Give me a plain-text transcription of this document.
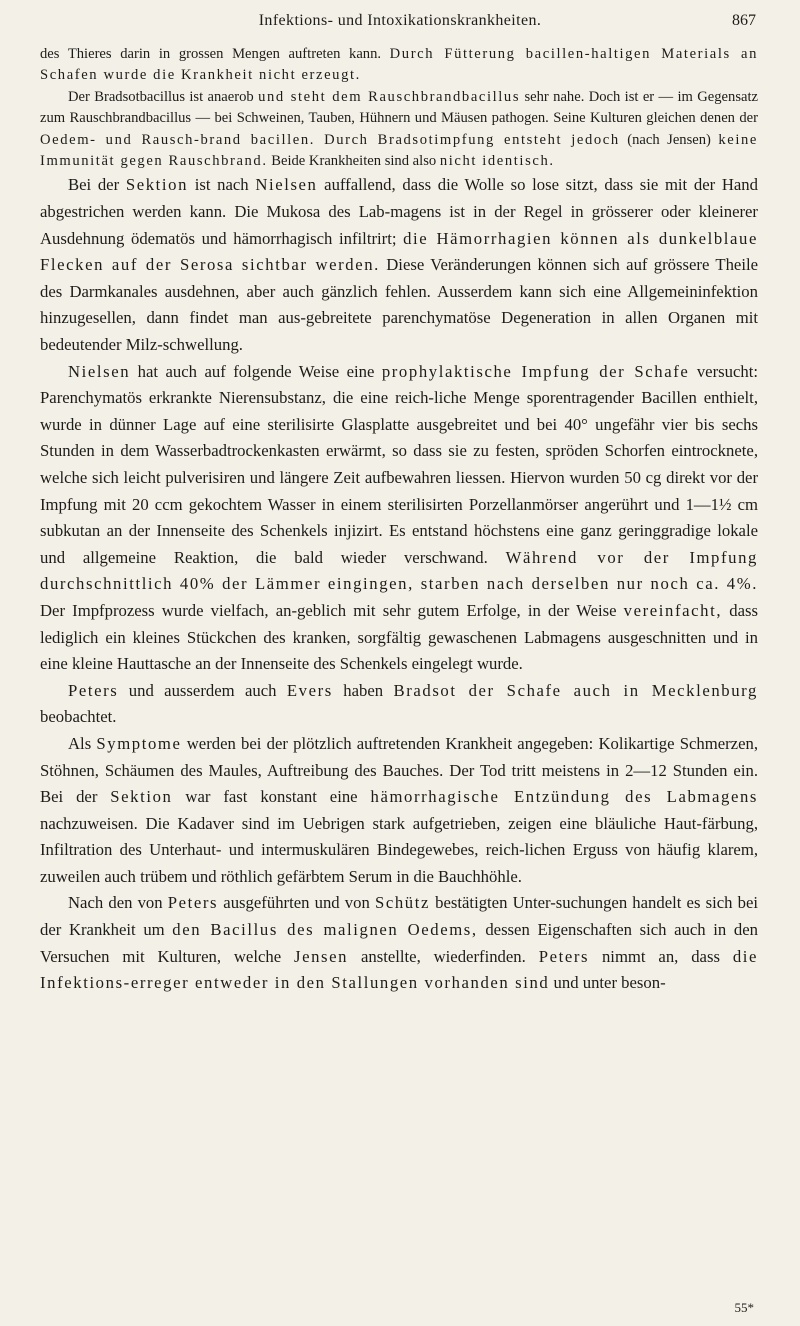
Infektions- und Intoxikationskrankheiten.	867

des Thieres darin in grossen Mengen auftreten kann. Durch Fütterung bacillen-haltigen Materials an Schafen wurde die Krankheit nicht erzeugt.

Der Bradsotbacillus ist anaerob und steht dem Rauschbrandbacillus sehr nahe. Doch ist er — im Gegensatz zum Rauschbrandbacillus — bei Schweinen, Tauben, Hühnern und Mäusen pathogen. Seine Kulturen gleichen denen der Oedem- und Rausch-brand bacillen. Durch Bradsotimpfung entsteht jedoch (nach Jensen) keine Immunität gegen Rauschbrand. Beide Krankheiten sind also nicht identisch.

Bei der Sektion ist nach Nielsen auffallend, dass die Wolle so lose sitzt, dass sie mit der Hand abgestrichen werden kann. Die Mukosa des Lab-magens ist in der Regel in grösserer oder kleinerer Ausdehnung ödematös und hämorrhagisch infiltrirt; die Hämorrhagien können als dunkelblaue Flecken auf der Serosa sichtbar werden. Diese Veränderungen können sich auf grössere Theile des Darmkanales ausdehnen, aber auch gänzlich fehlen. Ausserdem kann sich eine Allgemeininfektion hinzugesellen, dann findet man aus-gebreitete parenchymatöse Degeneration in allen Organen mit bedeutender Milz-schwellung.

Nielsen hat auch auf folgende Weise eine prophylaktische Impfung der Schafe versucht: Parenchymatös erkrankte Nierensubstanz, die eine reich-liche Menge sporentragender Bacillen enthielt, wurde in dünner Lage auf eine sterilisirte Glasplatte ausgebreitet und bei 40° ungefähr vier bis sechs Stunden in dem Wasserbadtrockenkasten erwärmt, so dass sie zu festen, spröden Schorfen eintrocknete, welche sich leicht pulverisiren und längere Zeit aufbewahren liessen. Hiervon wurden 50 cg direkt vor der Impfung mit 20 ccm gekochtem Wasser in einem sterilisirten Porzellanmörser angerührt und 1—1½ cm subkutan an der Innenseite des Schenkels injizirt. Es entstand höchstens eine ganz geringgradige lokale und allgemeine Reaktion, die bald wieder verschwand. Während vor der Impfung durchschnittlich 40% der Lämmer eingingen, starben nach derselben nur noch ca. 4%. Der Impfprozess wurde vielfach, an-geblich mit sehr gutem Erfolge, in der Weise vereinfacht, dass lediglich ein kleines Stückchen des kranken, sorgfältig gewaschenen Labmagens ausgeschnitten und in eine kleine Hauttasche an der Innenseite des Schenkels eingelegt wurde.

Peters und ausserdem auch Evers haben Bradsot der Schafe auch in Mecklenburg beobachtet.

Als Symptome werden bei der plötzlich auftretenden Krankheit angegeben: Kolikartige Schmerzen, Stöhnen, Schäumen des Maules, Auftreibung des Bauches. Der Tod tritt meistens in 2—12 Stunden ein. Bei der Sektion war fast konstant eine hämorrhagische Entzündung des Labmagens nachzuweisen. Die Kadaver sind im Uebrigen stark aufgetrieben, zeigen eine bläuliche Haut-färbung, Infiltration des Unterhaut- und intermuskulären Bindegewebes, reich-lichen Erguss von häufig klarem, zuweilen auch trübem und röthlich gefärbtem Serum in die Bauchhöhle.

Nach den von Peters ausgeführten und von Schütz bestätigten Unter-suchungen handelt es sich bei der Krankheit um den Bacillus des malignen Oedems, dessen Eigenschaften sich auch in den Versuchen mit Kulturen, welche Jensen anstellte, wiederfinden. Peters nimmt an, dass die Infektions-erreger entweder in den Stallungen vorhanden sind und unter beson-

55*
